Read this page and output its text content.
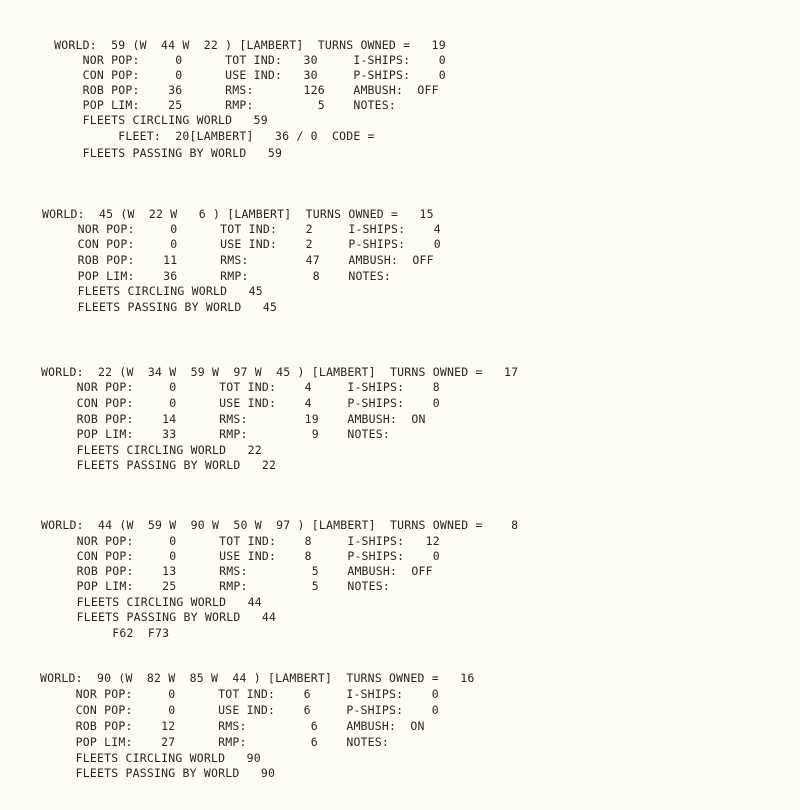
WORLD:  59 (W  44 W  22 ) [LAMBERT]  TURNS OWNED =   19
NOR POP:     0      TOT IND:   30     I-SHIPS:    0
CON POP:     0      USE IND:   30     P-SHIPS:    0
ROB POP:    36      RMS:       126    AMBUSH:  OFF
POP LIM:    25      RMP:         5    NOTES:
FLEETS CIRCLING WORLD   59
FLEET:  20[LAMBERT]   36 / 0  CODE =
FLEETS PASSING BY WORLD   59
WORLD:  45 (W  22 W   6 ) [LAMBERT]  TURNS OWNED =   15
NOR POP:     0      TOT IND:    2     I-SHIPS:    4
CON POP:     0      USE IND:    2     P-SHIPS:    0
ROB POP:    11      RMS:        47    AMBUSH:  OFF
POP LIM:    36      RMP:         8    NOTES:
FLEETS CIRCLING WORLD   45
FLEETS PASSING BY WORLD   45
WORLD:  22 (W  34 W  59 W  97 W  45 ) [LAMBERT]  TURNS OWNED =   17
NOR POP:     0      TOT IND:    4     I-SHIPS:    8
CON POP:     0      USE IND:    4     P-SHIPS:    0
ROB POP:    14      RMS:        19    AMBUSH:  ON
POP LIM:    33      RMP:         9    NOTES:
FLEETS CIRCLING WORLD   22
FLEETS PASSING BY WORLD   22
WORLD:  44 (W  59 W  90 W  50 W  97 ) [LAMBERT]  TURNS OWNED =    8
NOR POP:     0      TOT IND:    8     I-SHIPS:   12
CON POP:     0      USE IND:    8     P-SHIPS:    0
ROB POP:    13      RMS:         5    AMBUSH:  OFF
POP LIM:    25      RMP:         5    NOTES:
FLEETS CIRCLING WORLD   44
FLEETS PASSING BY WORLD   44
F62  F73
WORLD:  90 (W  82 W  85 W  44 ) [LAMBERT]  TURNS OWNED =   16
NOR POP:     0      TOT IND:    6     I-SHIPS:    0
CON POP:     0      USE IND:    6     P-SHIPS:    0
ROB POP:    12      RMS:         6    AMBUSH:  ON
POP LIM:    27      RMP:         6    NOTES:
FLEETS CIRCLING WORLD   90
FLEETS PASSING BY WORLD   90
